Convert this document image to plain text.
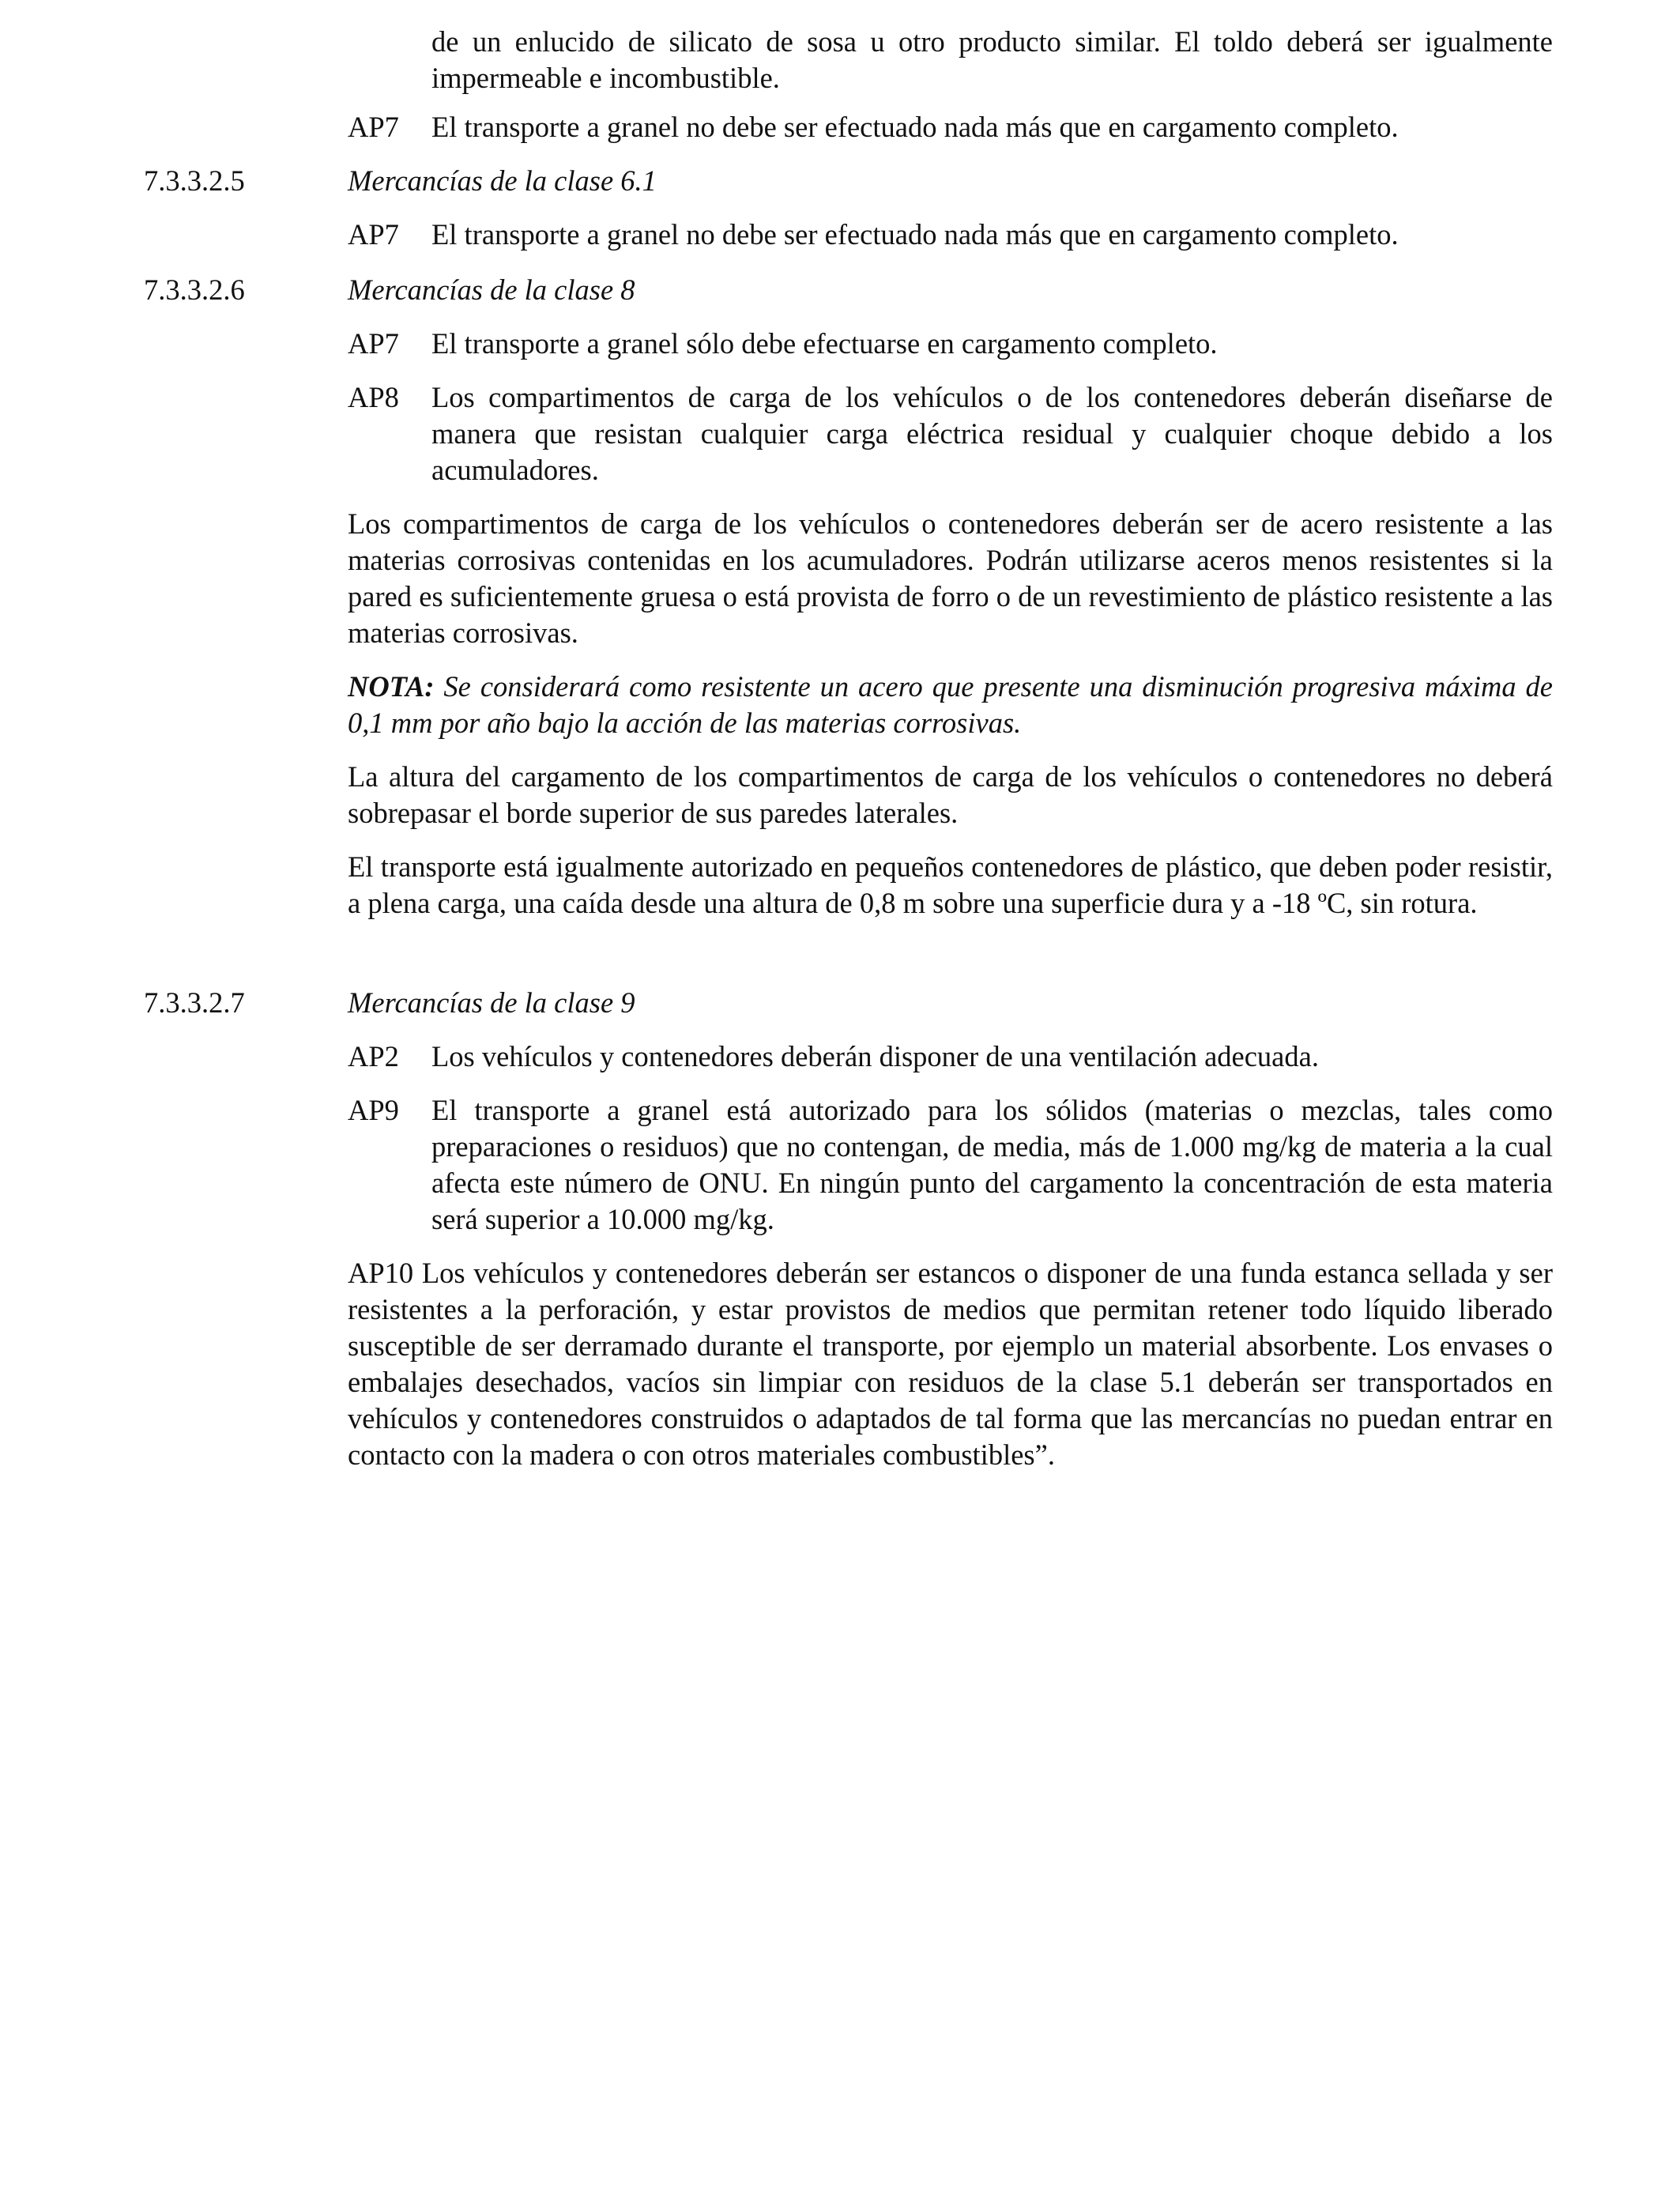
de un enlucido de silicato de sosa u otro producto similar. El toldo deberá ser igualmente impermeable e incombustible.

AP7 El transporte a granel no debe ser efectuado nada más que en cargamento completo.

7.3.3.2.5	Mercancías de la clase 6.1

AP7 El transporte a granel no debe ser efectuado nada más que en cargamento completo.

7.3.3.2.6	Mercancías de la clase 8

AP7 El transporte a granel sólo debe efectuarse en cargamento completo.

AP8 Los compartimentos de carga de los vehículos o de los contenedores deberán diseñarse de manera que resistan cualquier carga eléctrica residual y cualquier choque debido a los acumuladores.

Los compartimentos de carga de los vehículos o contenedores deberán ser de acero resistente a las materias corrosivas contenidas en los acumuladores. Podrán utilizarse aceros menos resistentes si la pared es suficientemente gruesa o está provista de forro o de un revestimiento de plástico resistente a las materias corrosivas.

NOTA: Se considerará como resistente un acero que presente una disminución progresiva máxima de 0,1 mm por año bajo la acción de las materias corrosivas.

La altura del cargamento de los compartimentos de carga de los vehículos o contenedores no deberá sobrepasar el borde superior de sus paredes laterales.

El transporte está igualmente autorizado en pequeños contenedores de plástico, que deben poder resistir, a plena carga, una caída desde una altura de 0,8 m sobre una superficie dura y a -18 ºC, sin rotura.

7.3.3.2.7	Mercancías de la clase 9

AP2 Los vehículos y contenedores deberán disponer de una ventilación adecuada.

AP9 El transporte a granel está autorizado para los sólidos (materias o mezclas, tales como preparaciones o residuos) que no contengan, de media, más de 1.000 mg/kg de materia a la cual afecta este número de ONU. En ningún punto del cargamento la concentración de esta materia será superior a 10.000 mg/kg.

AP10 Los vehículos y contenedores deberán ser estancos o disponer de una funda estanca sellada y ser resistentes a la perforación, y estar provistos de medios que permitan retener todo líquido liberado susceptible de ser derramado durante el transporte, por ejemplo un material absorbente. Los envases o embalajes desechados, vacíos sin limpiar con residuos de la clase 5.1 deberán ser transportados en vehículos y contenedores construidos o adaptados de tal forma que las mercancías no puedan entrar en contacto con la madera o con otros materiales combustibles”.
